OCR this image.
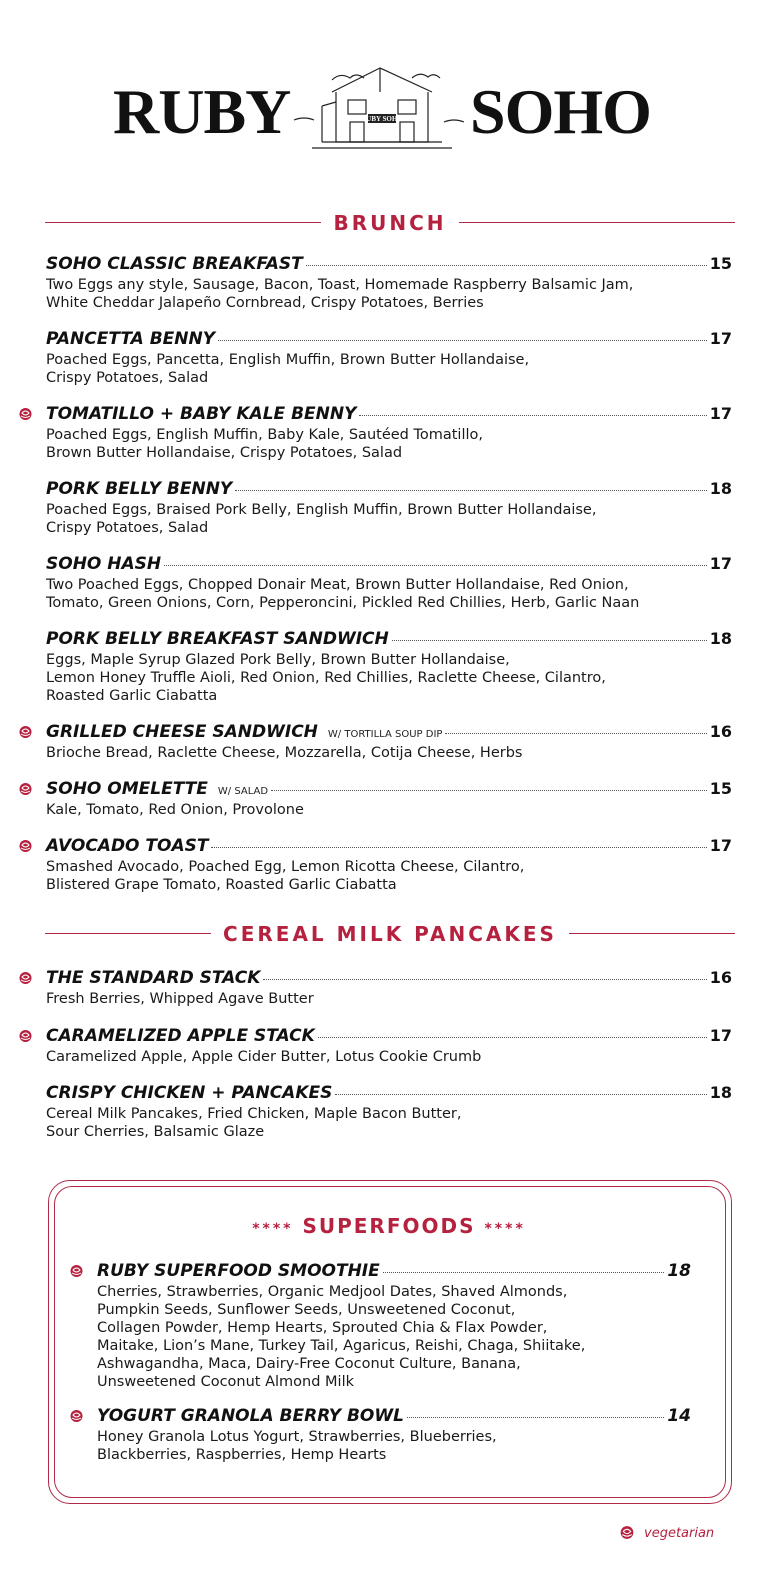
RUBY	RUBY SOHO SOHO
BRUNCH
SOHO CLASSIC BREAKFAST	15
Two Eggs any style, Sausage, Bacon, Toast, Homemade Raspberry Balsamic Jam,
White Cheddar Jalapeño Cornbread, Crispy Potatoes, Berries
PANCETTA BENNY	17
Poached Eggs, Pancetta, English Muffin, Brown Butter Hollandaise,
Crispy Potatoes, Salad
TOMATILLO + BABY KALE BENNY	17
Poached Eggs, English Muffin, Baby Kale, Sautéed Tomatillo,
Brown Butter Hollandaise, Crispy Potatoes, Salad
PORK BELLY BENNY	18
Poached Eggs, Braised Pork Belly, English Muffin, Brown Butter Hollandaise,
Crispy Potatoes, Salad
SOHO HASH	17
Two Poached Eggs, Chopped Donair Meat, Brown Butter Hollandaise, Red Onion,
Tomato, Green Onions, Corn, Pepperoncini, Pickled Red Chillies, Herb, Garlic Naan
PORK BELLY BREAKFAST SANDWICH	18
Eggs, Maple Syrup Glazed Pork Belly, Brown Butter Hollandaise,
Lemon Honey Truffle Aioli, Red Onion, Red Chillies, Raclette Cheese, Cilantro,
Roasted Garlic Ciabatta
GRILLED CHEESE SANDWICH W/ TORTILLA SOUP DIP	16
Brioche Bread, Raclette Cheese, Mozzarella, Cotija Cheese, Herbs
SOHO OMELETTE W/ SALAD	15
Kale, Tomato, Red Onion, Provolone
AVOCADO TOAST	17
Smashed Avocado, Poached Egg, Lemon Ricotta Cheese, Cilantro,
Blistered Grape Tomato, Roasted Garlic Ciabatta
CEREAL MILK PANCAKES
THE STANDARD STACK	16
Fresh Berries, Whipped Agave Butter
CARAMELIZED APPLE STACK	17
Caramelized Apple, Apple Cider Butter, Lotus Cookie Crumb
CRISPY CHICKEN + PANCAKES	18
Cereal Milk Pancakes, Fried Chicken, Maple Bacon Butter,
Sour Cherries, Balsamic Glaze
**** SUPERFOODS ****
RUBY SUPERFOOD SMOOTHIE	18
Cherries, Strawberries, Organic Medjool Dates, Shaved Almonds,
Pumpkin Seeds, Sunflower Seeds, Unsweetened Coconut,
Collagen Powder, Hemp Hearts, Sprouted Chia & Flax Powder,
Maitake, Lion’s Mane, Turkey Tail, Agaricus, Reishi, Chaga, Shiitake,
Ashwagandha, Maca, Dairy-Free Coconut Culture, Banana,
Unsweetened Coconut Almond Milk
YOGURT GRANOLA BERRY BOWL	14
Honey Granola Lotus Yogurt, Strawberries, Blueberries,
Blackberries, Raspberries, Hemp Hearts
vegetarian
